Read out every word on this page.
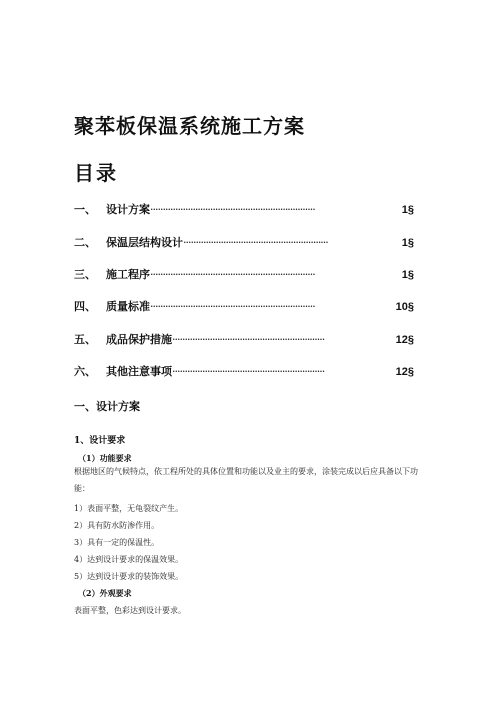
聚苯板保温系统施工方案
目录
一、 设计方案 ··································································	1§
二、 保温层结构设计 ··························································	1§
三、 施工程序 ··································································	1§
四、 质量标准 ··································································	10§
五、 成品保护措施 ·····························································	12§
六、 其他注意事项 ·····························································	12§
一、设计方案
1、设计要求
（1）功能要求
根据地区的气候特点，依工程所处的具体位置和功能以及业主的要求，涂装完成以后应具备以下功能：
1）表面平整，无龟裂纹产生。
2）具有防水防渗作用。
3）具有一定的保温性。
4）达到设计要求的保温效果。
5）达到设计要求的装饰效果。
（2）外观要求
表面平整，色彩达到设计要求。
